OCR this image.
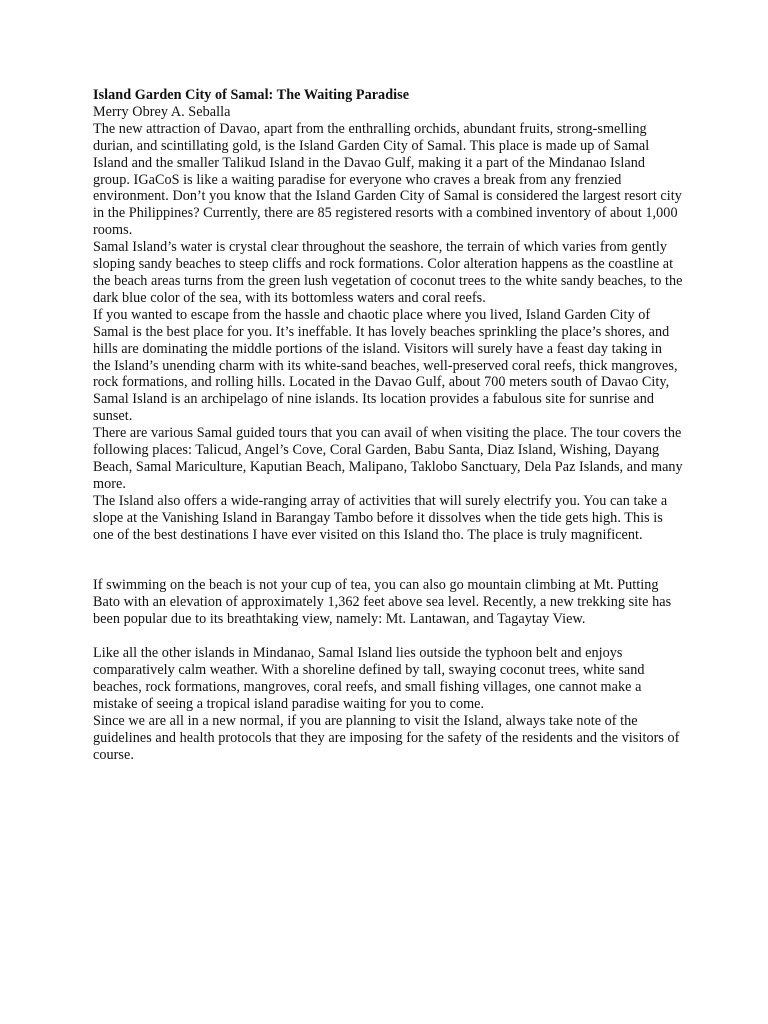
Island Garden City of Samal: The Waiting Paradise

Merry Obrey A. Seballa

The new attraction of Davao, apart from the enthralling orchids, abundant fruits, strong-smelling durian, and scintillating gold, is the Island Garden City of Samal. This place is made up of Samal Island and the smaller Talikud Island in the Davao Gulf, making it a part of the Mindanao Island group. IGaCoS is like a waiting paradise for everyone who craves a break from any frenzied environment. Don’t you know that the Island Garden City of Samal is considered the largest resort city in the Philippines? Currently, there are 85 registered resorts with a combined inventory of about 1,000 rooms.

Samal Island’s water is crystal clear throughout the seashore, the terrain of which varies from gently sloping sandy beaches to steep cliffs and rock formations. Color alteration happens as the coastline at the beach areas turns from the green lush vegetation of coconut trees to the white sandy beaches, to the dark blue color of the sea, with its bottomless waters and coral reefs.

If you wanted to escape from the hassle and chaotic place where you lived, Island Garden City of Samal is the best place for you. It’s ineffable. It has lovely beaches sprinkling the place’s shores, and hills are dominating the middle portions of the island. Visitors will surely have a feast day taking in the Island’s unending charm with its white-sand beaches, well-preserved coral reefs, thick mangroves, rock formations, and rolling hills. Located in the Davao Gulf, about 700 meters south of Davao City, Samal Island is an archipelago of nine islands. Its location provides a fabulous site for sunrise and sunset.

There are various Samal guided tours that you can avail of when visiting the place. The tour covers the following places: Talicud, Angel’s Cove, Coral Garden, Babu Santa, Diaz Island, Wishing, Dayang Beach, Samal Mariculture, Kaputian Beach, Malipano, Taklobo Sanctuary, Dela Paz Islands, and many more.

The Island also offers a wide-ranging array of activities that will surely electrify you. You can take a slope at the Vanishing Island in Barangay Tambo before it dissolves when the tide gets high. This is one of the best destinations I have ever visited on this Island tho. The place is truly magnificent.

If swimming on the beach is not your cup of tea, you can also go mountain climbing at Mt. Putting Bato with an elevation of approximately 1,362 feet above sea level. Recently, a new trekking site has been popular due to its breathtaking view, namely: Mt. Lantawan, and Tagaytay View.

Like all the other islands in Mindanao, Samal Island lies outside the typhoon belt and enjoys comparatively calm weather. With a shoreline defined by tall, swaying coconut trees, white sand beaches, rock formations, mangroves, coral reefs, and small fishing villages, one cannot make a mistake of seeing a tropical island paradise waiting for you to come.

Since we are all in a new normal, if you are planning to visit the Island, always take note of the guidelines and health protocols that they are imposing for the safety of the residents and the visitors of course.
